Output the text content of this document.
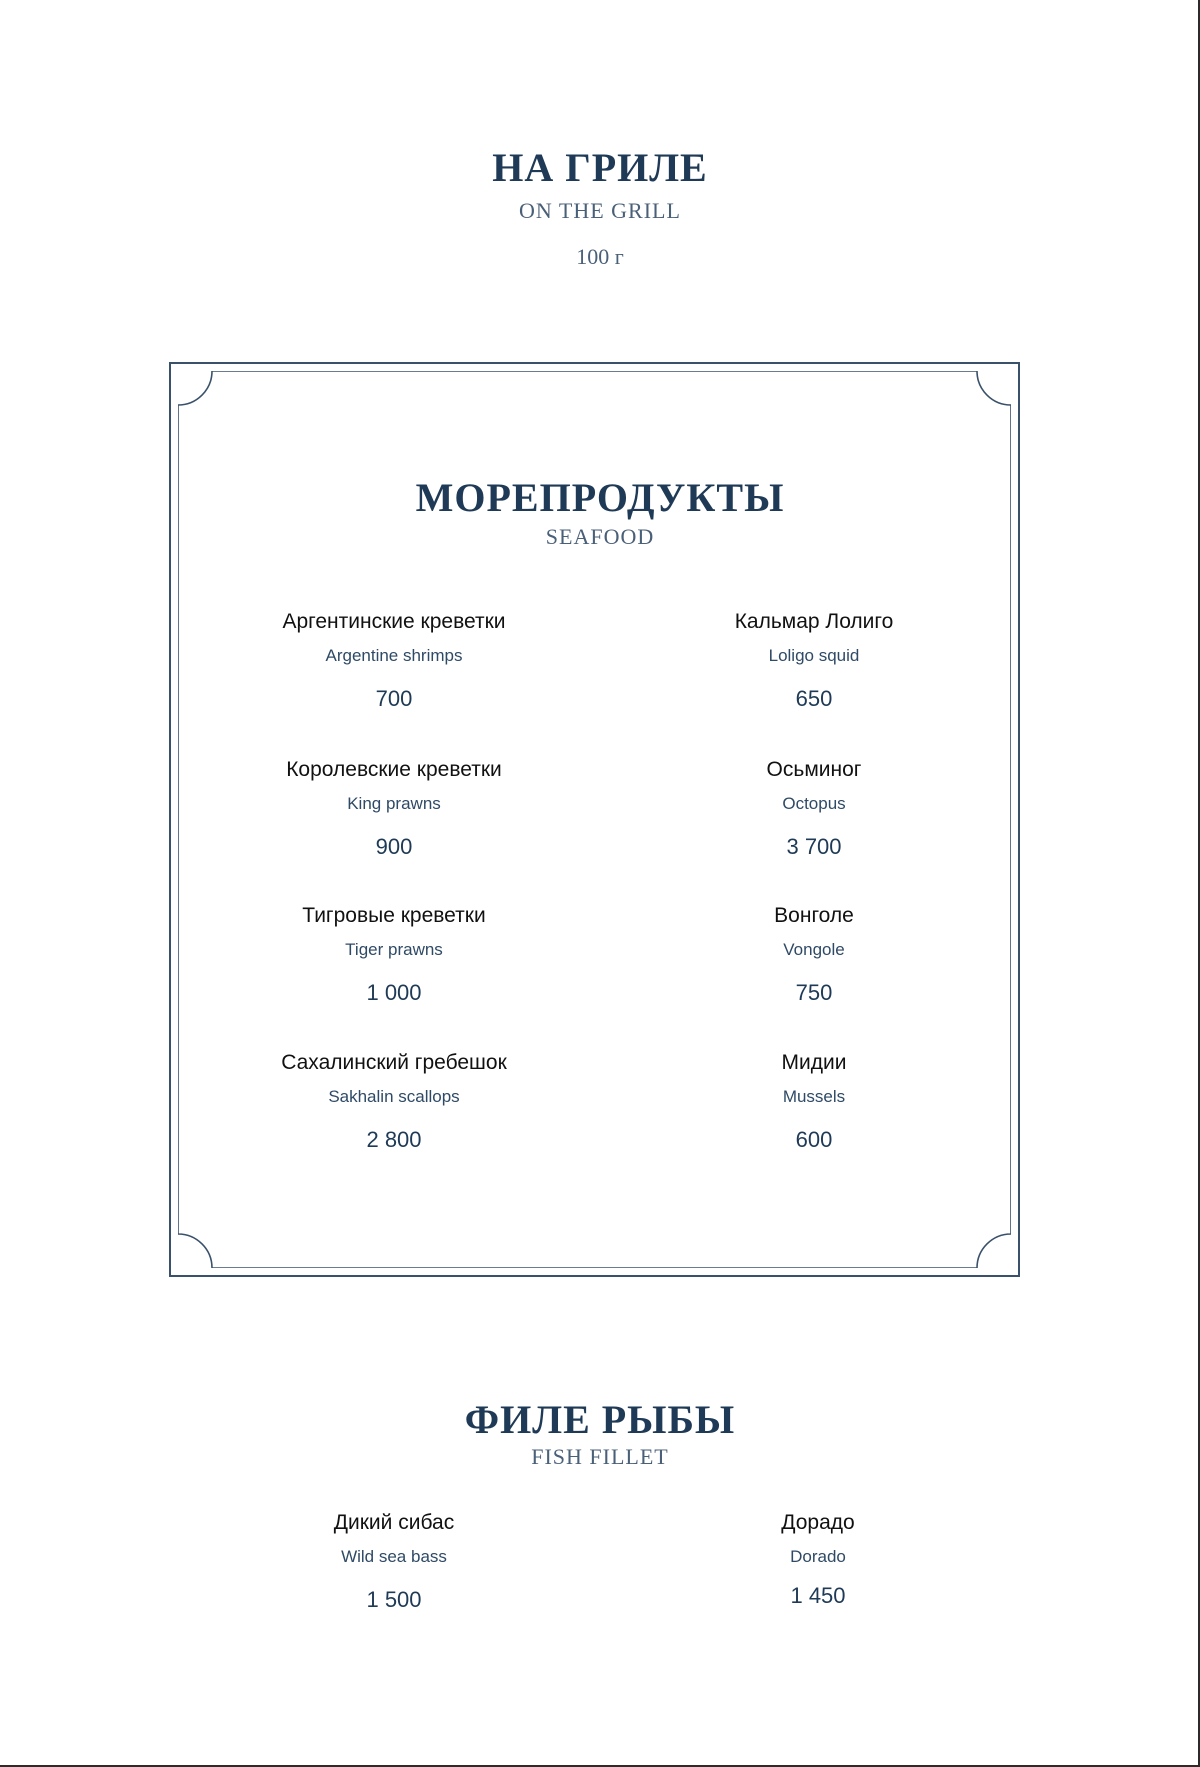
НА ГРИЛЕ
ON THE GRILL
100 г
МОРЕПРОДУКТЫ
SEAFOOD
Аргентинские креветки
Argentine shrimps
700
Королевские креветки
King prawns
900
Тигровые креветки
Tiger prawns
1 000
Сахалинский гребешок
Sakhalin scallops
2 800
Кальмар Лолиго
Loligo squid
650
Осьминог
Octopus
3 700
Вонголе
Vongole
750
Мидии
Mussels
600
ФИЛЕ РЫБЫ
FISH FILLET
Дикий сибас
Wild sea bass
1 500
Дорадо
Dorado
1 450
